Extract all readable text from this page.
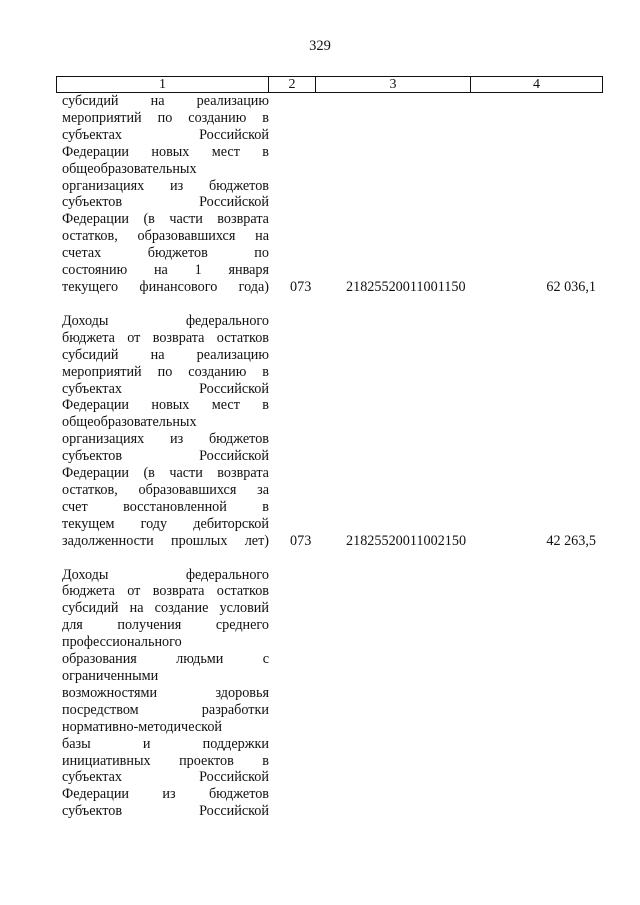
329
1	2	3	4
субсидий на реализацию
мероприятий по созданию в
субъектах Российской
Федерации новых мест в
общеобразовательных
организациях из бюджетов
субъектов Российской
Федерации (в части возврата
остатков, образовавшихся на
счетах бюджетов по
состоянию на 1 января
текущего финансового года) 073 21825520011001150	62 036,1
Доходы федерального
бюджета от возврата остатков
субсидий на реализацию
мероприятий по созданию в
субъектах Российской
Федерации новых мест в
общеобразовательных
организациях из бюджетов
субъектов Российской
Федерации (в части возврата
остатков, образовавшихся за
счет восстановленной в
текущем году дебиторской
задолженности прошлых лет) 073 21825520011002150	42 263,5
Доходы федерального
бюджета от возврата остатков
субсидий на создание условий
для получения среднего
профессионального
образования людьми с
ограниченными
возможностями здоровья
посредством разработки
нормативно-методической
базы и поддержки
инициативных проектов в
субъектах Российской
Федерации из бюджетов
субъектов Российской
